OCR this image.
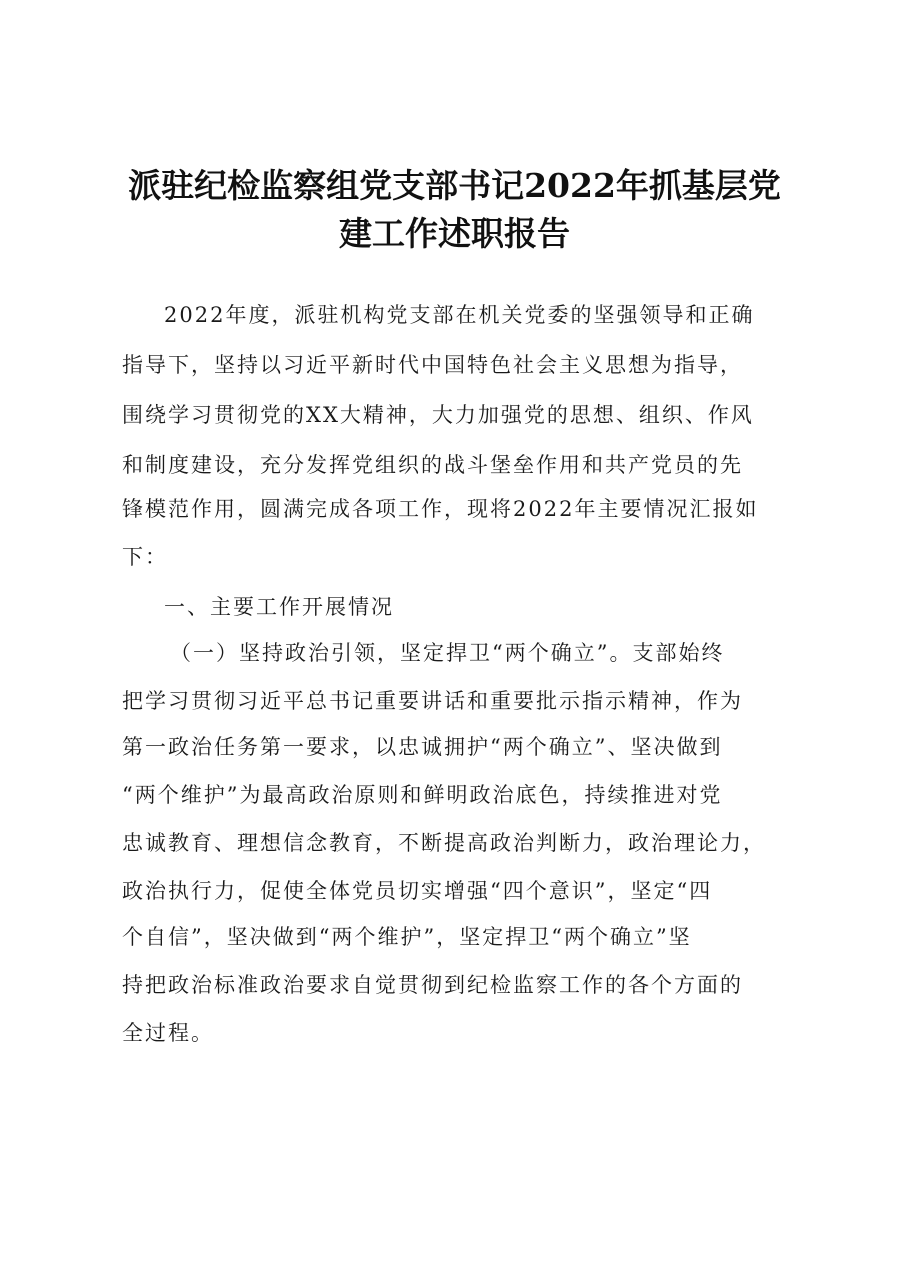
派驻纪检监察组党支部书记2022年抓基层党
建工作述职报告
2022年度，派驻机构党支部在机关党委的坚强领导和正确
指导下，坚持以习近平新时代中国特色社会主义思想为指导，
围绕学习贯彻党的XX大精神，大力加强党的思想、组织、作风
和制度建设，充分发挥党组织的战斗堡垒作用和共产党员的先
锋模范作用，圆满完成各项工作，现将2022年主要情况汇报如
下：
一、主要工作开展情况
（一）坚持政治引领，坚定捍卫“两个确立”。支部始终
把学习贯彻习近平总书记重要讲话和重要批示指示精神，作为
第一政治任务第一要求，以忠诚拥护“两个确立”、坚决做到
“两个维护”为最高政治原则和鲜明政治底色，持续推进对党
忠诚教育、理想信念教育，不断提高政治判断力，政治理论力，
政治执行力，促使全体党员切实增强“四个意识”，坚定“四
个自信”，坚决做到“两个维护”，坚定捍卫“两个确立”坚
持把政治标准政治要求自觉贯彻到纪检监察工作的各个方面的
全过程。
